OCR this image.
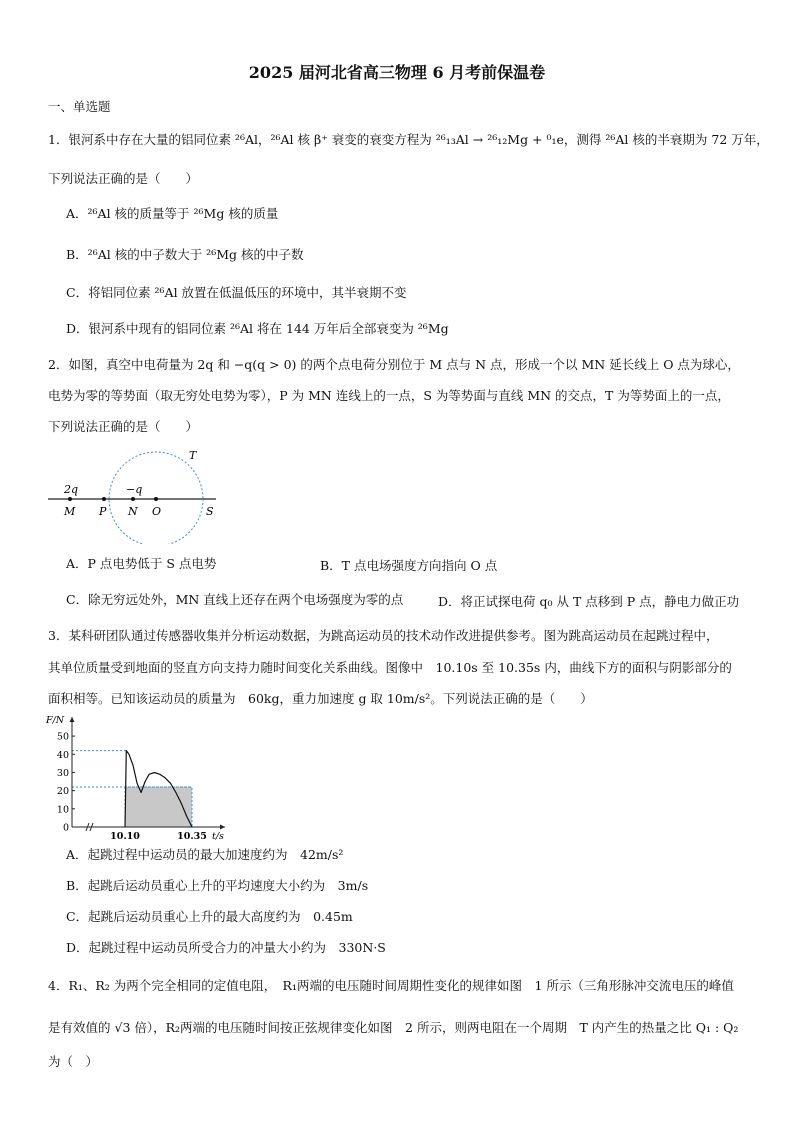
2025 届河北省高三物理 6 月考前保温卷
一、单选题
1．银河系中存在大量的铝同位素 ²⁶Al，²⁶Al 核 β⁺ 衰变的衰变方程为 ²⁶₁₃Al → ²⁶₁₂Mg + ⁰₁e，测得 ²⁶Al 核的半衰期为 72 万年，
下列说法正确的是（　　）
A．²⁶Al 核的质量等于 ²⁶Mg 核的质量
B．²⁶Al 核的中子数大于 ²⁶Mg 核的中子数
C．将铝同位素 ²⁶Al 放置在低温低压的环境中，其半衰期不变
D．银河系中现有的铝同位素 ²⁶Al 将在 144 万年后全部衰变为 ²⁶Mg
2．如图，真空中电荷量为 2q 和 −q(q > 0) 的两个点电荷分别位于 M 点与 N 点，形成一个以 MN 延长线上 O 点为球心，
电势为零的等势面（取无穷处电势为零），P 为 MN 连线上的一点，S 为等势面与直线 MN 的交点，T 为等势面上的一点，
下列说法正确的是（　　）
T
2q	−q
M P N O	S
A．P 点电势低于 S 点电势	B．T 点电场强度方向指向 O 点
C．除无穷远处外，MN 直线上还存在两个电场强度为零的点	D．将正试探电荷 q₀ 从 T 点移到 P 点，静电力做正功
3．某科研团队通过传感器收集并分析运动数据，为跳高运动员的技术动作改进提供参考。图为跳高运动员在起跳过程中，
其单位质量受到地面的竖直方向支持力随时间变化关系曲线。图像中　10.10s 至 10.35s 内，曲线下方的面积与阴影部分的
面积相等。已知该运动员的质量为　60kg，重力加速度 g 取 10m/s²。下列说法正确的是（　　）
0
10
20
30
40
50
10.10	10.35
F/N
t/s
A．起跳过程中运动员的最大加速度约为　42m/s²
B．起跳后运动员重心上升的平均速度大小约为　3m/s
C．起跳后运动员重心上升的最大高度约为　0.45m
D．起跳过程中运动员所受合力的冲量大小约为　330N·S
4．R₁、R₂ 为两个完全相同的定值电阻，　R₁两端的电压随时间周期性变化的规律如图　1 所示（三角形脉冲交流电压的峰值
是有效值的 √3 倍），R₂两端的电压随时间按正弦规律变化如图　2 所示，则两电阻在一个周期　T 内产生的热量之比 Q₁ : Q₂
为（　）
